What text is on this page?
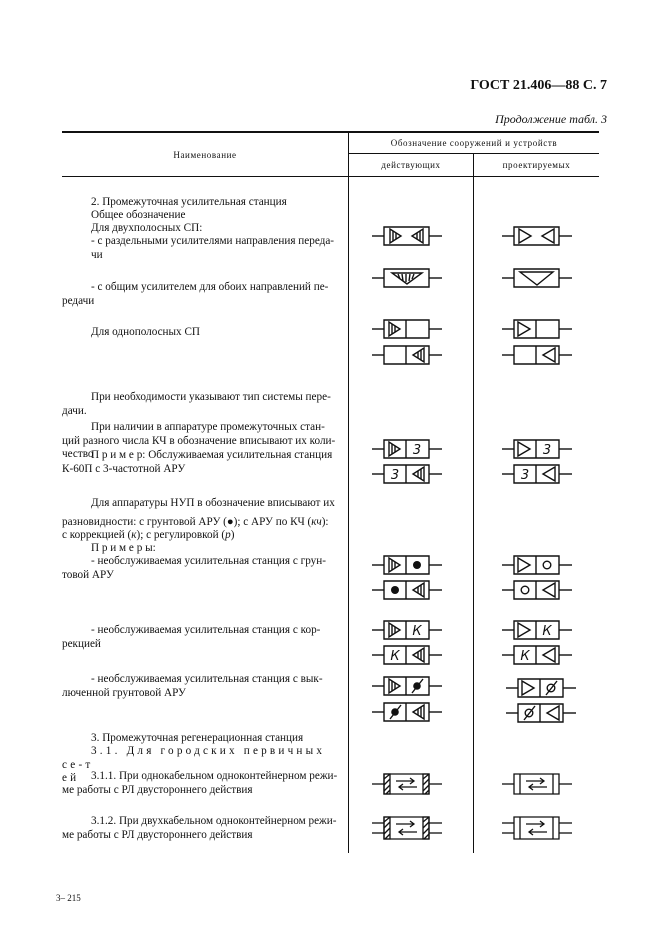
ГОСТ 21.406—88 С. 7
Продолжение табл. 3
Наименование
Обозначение сооружений и устройств
действующих	проектируемых
2. Промежуточная усилительная станция
Общее обозначение
Для двухполосных СП:
- с раздельными усилителями направления переда-
чи
- с общим усилителем для обоих направлений пе-
редачи
Для однополосных СП
При необходимости указывают тип системы пере-
дачи.
При наличии в аппаратуре промежуточных стан-
ций разного числа КЧ в обозначение вписывают их коли-
чество
П р и м е р: Обслуживаемая усилительная станция К-60П с 3-частотной АРУ
Для аппаратуры НУП в обозначение вписывают их
разновидности: с грунтовой АРУ (●); с АРУ по КЧ (кч):
с коррекцией (к); с регулировкой (р)
П р и м е р ы:
- необслуживаемая усилительная станция с грун-
товой АРУ
- необслуживаемая усилительная станция с кор-
рекцией
- необслуживаемая усилительная станция с вык-
люченной грунтовой АРУ
3. Промежуточная регенерационная станция
3.1. Для городских первичных се-т
ей	3.1.1. При однокабельном одноконтейнерном режи-
ме работы с РЛ двустороннего действия
3.1.2. При двухкабельном одноконтейнерном режи-
ме работы с РЛ двустороннего действия
3
3
К
К
3
3
К
К
3– 215
